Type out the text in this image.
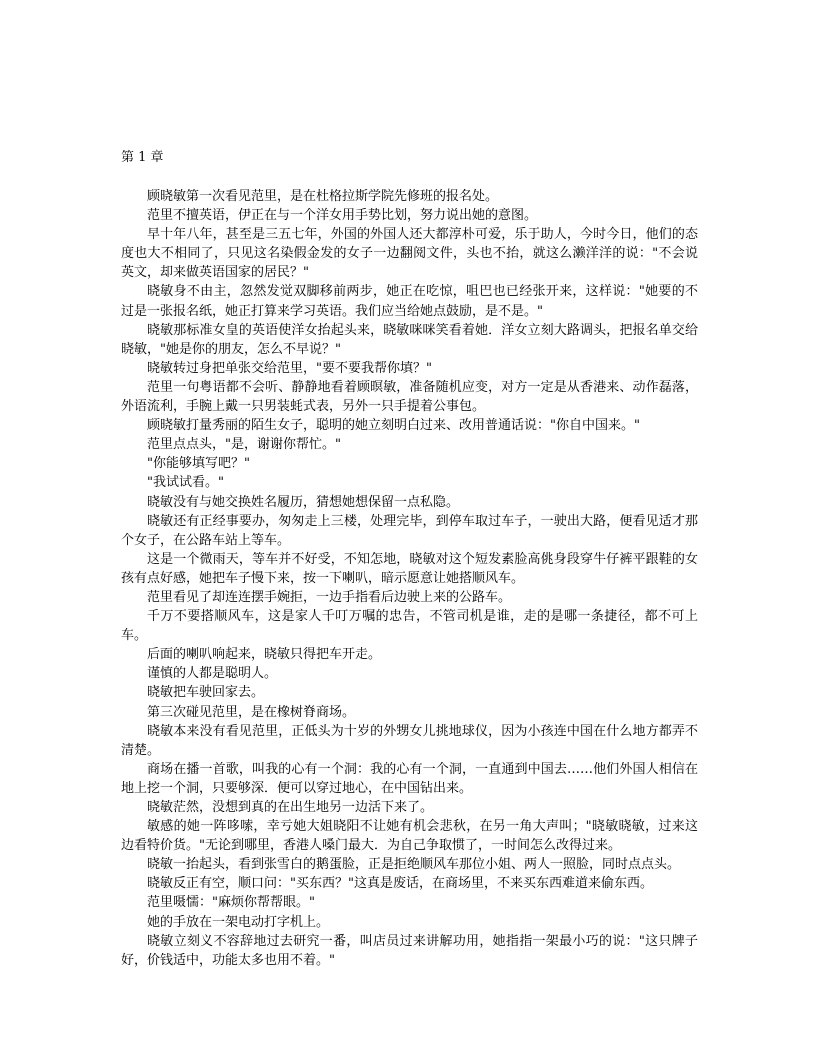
第 1 章

顾晓敏第一次看见范里，是在杜格拉斯学院先修班的报名处。

范里不擅英语，伊正在与一个洋女用手势比划，努力说出她的意图。

早十年八年，甚至是三五七年，外国的外国人还大都淳朴可爱，乐于助人，今时今日，他们的态度也大不相同了，只见这名染假金发的女子一边翻阅文件，头也不抬，就这么濑洋洋的说："不会说英文，却来做英语国家的居民？"

晓敏身不由主，忽然发觉双脚移前两步，她正在吃惊，咀巴也已经张开来，这样说："她要的不过是一张报名纸，她正打算来学习英语。我们应当给她点鼓励，是不是。"

晓敏那标准女皇的英语使洋女抬起头来，晓敏咪咪笑看着她．洋女立刻大路调头，把报名单交给晓敏，"她是你的朋友，怎么不早说？"

晓敏转过身把单张交给范里，"要不要我帮你填？"

范里一句粤语都不会听、静静地看着顾暝敏，准备随机应变，对方一定是从香港来、动作磊落，外语流利，手腕上戴一只男装蚝式表，另外一只手提着公事包。

顾晓敏打量秀丽的陌生女子，聪明的她立刻明白过来、改用普通话说："你自中国来。"

范里点点头，"是，谢谢你帮忙。"

"你能够填写吧？"

"我试试看。"

晓敏没有与她交换姓名履历，猜想她想保留一点私隐。

晓敏还有正经事要办，匆匆走上三楼，处理完毕，到停车取过车子，一驶出大路，便看见适才那个女子，在公路车站上等车。

这是一个微雨天，等车并不好受，不知怎地，晓敏对这个短发素脸高佻身段穿牛仔裤平跟鞋的女孩有点好感，她把车子慢下来，按一下喇叭，暗示愿意让她搭顺风车。

范里看见了却连连摆手婉拒，一边手指看后边驶上来的公路车。

千万不要搭顺风车，这是家人千叮万嘱的忠告，不管司机是谁，走的是哪一条捷径，都不可上车。

后面的喇叭响起来，晓敏只得把车开走。

谨慎的人都是聪明人。

晓敏把车驶回家去。

第三次碰见范里，是在橡树脊商场。

晓敏本来没有看见范里，正低头为十岁的外甥女儿挑地球仪，因为小孩连中国在什么地方都弄不清楚。

商场在播一首歌，叫我的心有一个洞：我的心有一个洞，一直通到中国去……他们外国人相信在地上挖一个洞，只要够深．便可以穿过地心，在中国钻出来。

晓敏茫然，没想到真的在出生地另一边活下来了。

敏感的她一阵哆嗦，幸亏她大姐晓阳不让她有机会悲秋，在另一角大声叫；"晓敏晓敏，过来这边看特价货。"无论到哪里，香港人嗓门最大．为自己争取惯了，一时间怎么改得过来。

晓敏一抬起头，看到张雪白的鹅蛋脸，正是拒绝顺风车那位小姐、两人一照脸，同时点点头。

晓敏反正有空，顺口问："买东西？"这真是废话，在商场里，不来买东西难道来偷东西。

范里嗫懦："麻烦你帮帮眼。"

她的手放在一架电动打字机上。

晓敏立刻义不容辞地过去研究一番，叫店员过来讲解功用，她指指一架最小巧的说："这只牌子好，价钱适中，功能太多也用不着。"
